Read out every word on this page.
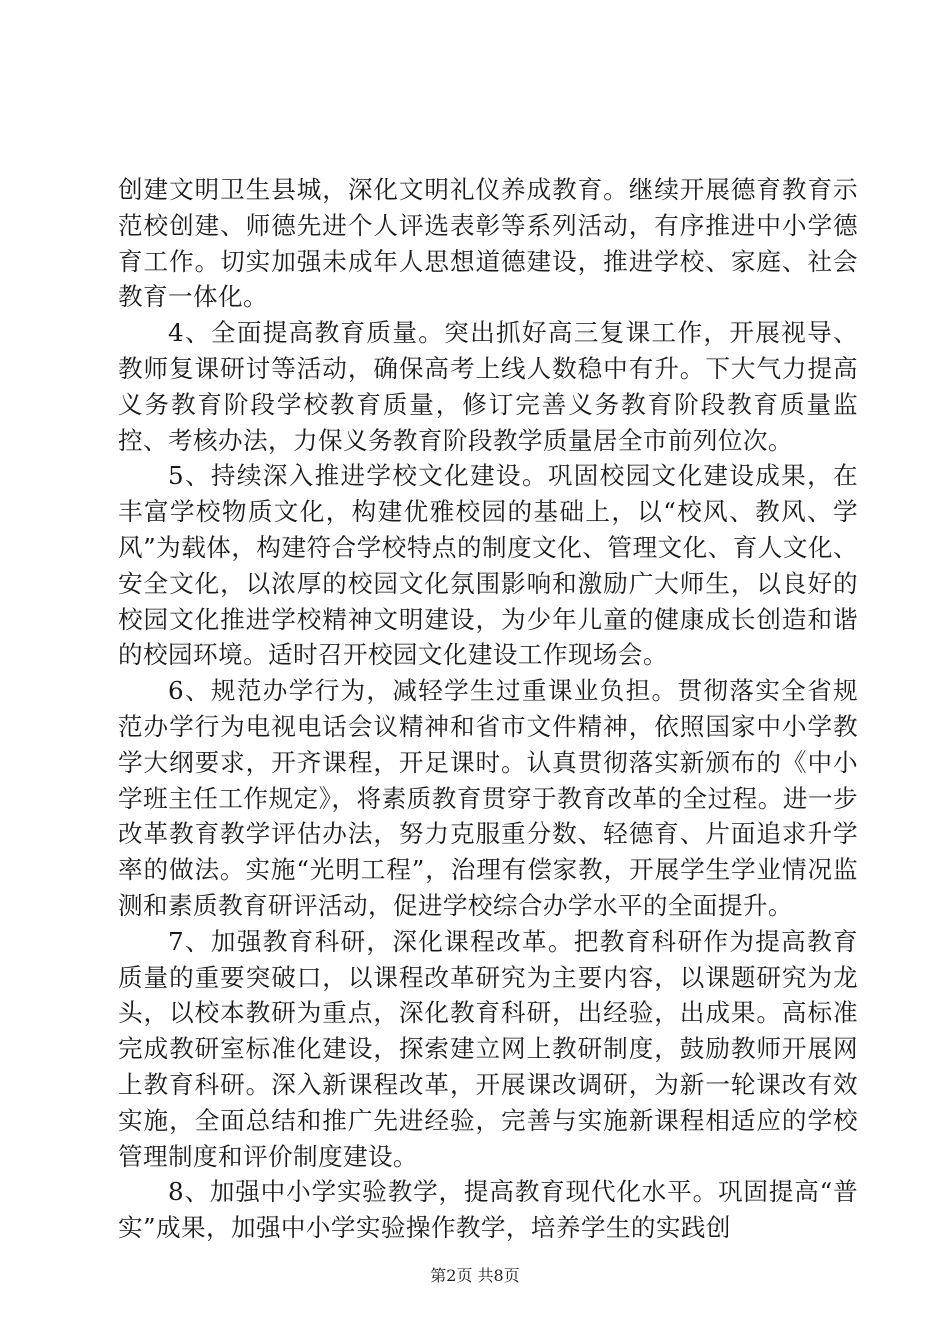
创建文明卫生县城，深化文明礼仪养成教育。继续开展德育教育示范校创建、师德先进个人评选表彰等系列活动，有序推进中小学德育工作。切实加强未成年人思想道德建设，推进学校、家庭、社会教育一体化。

4、全面提高教育质量。突出抓好高三复课工作，开展视导、教师复课研讨等活动，确保高考上线人数稳中有升。下大气力提高义务教育阶段学校教育质量，修订完善义务教育阶段教育质量监控、考核办法，力保义务教育阶段教学质量居全市前列位次。

5、持续深入推进学校文化建设。巩固校园文化建设成果，在丰富学校物质文化，构建优雅校园的基础上，以“校风、教风、学风”为载体，构建符合学校特点的制度文化、管理文化、育人文化、安全文化，以浓厚的校园文化氛围影响和激励广大师生，以良好的校园文化推进学校精神文明建设，为少年儿童的健康成长创造和谐的校园环境。适时召开校园文化建设工作现场会。

6、规范办学行为，减轻学生过重课业负担。贯彻落实全省规范办学行为电视电话会议精神和省市文件精神，依照国家中小学教学大纲要求，开齐课程，开足课时。认真贯彻落实新颁布的《中小学班主任工作规定》，将素质教育贯穿于教育改革的全过程。进一步改革教育教学评估办法，努力克服重分数、轻德育、片面追求升学率的做法。实施“光明工程”，治理有偿家教，开展学生学业情况监测和素质教育研评活动，促进学校综合办学水平的全面提升。

7、加强教育科研，深化课程改革。把教育科研作为提高教育质量的重要突破口，以课程改革研究为主要内容，以课题研究为龙头，以校本教研为重点，深化教育科研，出经验，出成果。高标准完成教研室标准化建设，探索建立网上教研制度，鼓励教师开展网上教育科研。深入新课程改革，开展课改调研，为新一轮课改有效实施，全面总结和推广先进经验，完善与实施新课程相适应的学校管理制度和评价制度建设。

8、加强中小学实验教学，提高教育现代化水平。巩固提高“普实”成果，加强中小学实验操作教学，培养学生的实践创

第2页 共8页
